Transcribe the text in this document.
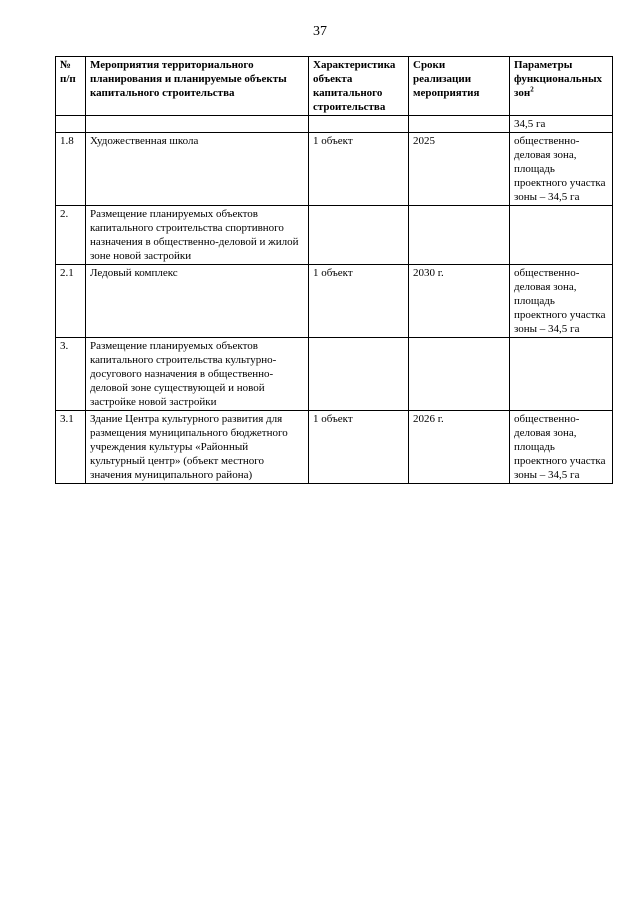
37
№ п/п	Мероприятия территориального планирования и планируемые объекты капитального строительства	Характеристика объекта капитального строительства	Сроки реализации мероприятия	Параметры функциональных зон$^2$
				34,5 га
1.8	Художественная школа	1 объект	2025	общественно-деловая зона, площадь проектного участка зоны – 34,5 га
2.	Размещение планируемых объектов капитального строительства спортивного назначения в общественно-деловой и жилой зоне новой застройки			
2.1	Ледовый комплекс	1 объект	2030 г.	общественно-деловая зона, площадь проектного участка зоны – 34,5 га
3.	Размещение планируемых объектов капитального строительства культурно-досугового назначения в общественно-деловой зоне существующей и новой застройке новой застройки			
3.1	Здание Центра культурного развития для размещения муниципального бюджетного учреждения культуры «Районный культурный центр» (объект местного значения муниципального района)	1 объект	2026 г.	общественно-деловая зона, площадь проектного участка зоны – 34,5 га
